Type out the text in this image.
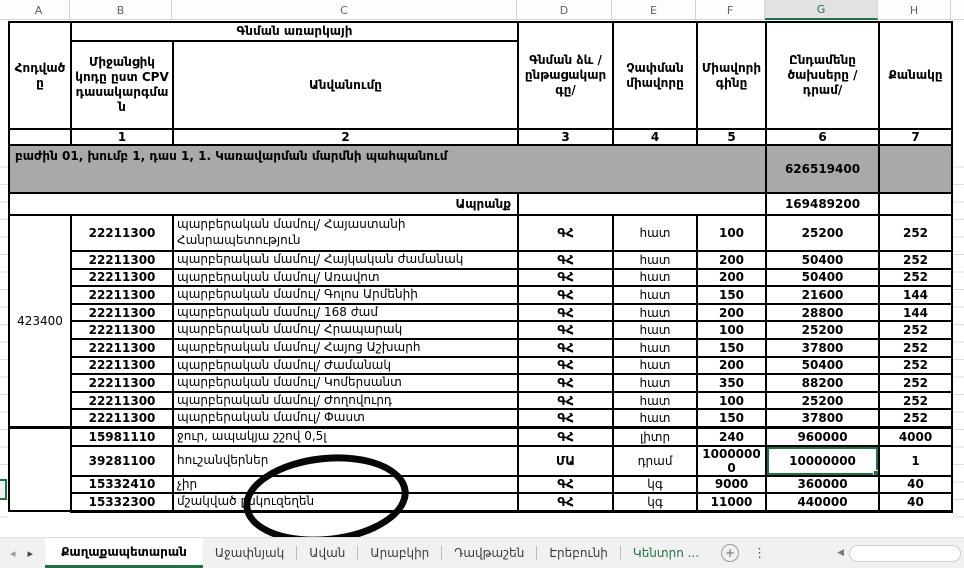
A	B	C	D	E	F	G	H
Հոդվածը	Գնման առարկայի		Գնման ձև /ընթացակարգը/	Չափման միավորը	Միավորի գինը	Ընդամենը ծախսերը /դրամ/	Քանակը
	Միջանցիկ կոդը ըստ CPV դասակարգման	Անվանումը					
	1	2	3	4	5	6	7
բաժին 01, խումբ 1, դաս 1, 1. Կառավարման մարմնի պահպանում						626519400	
Ապրանք						169489200	
423400	22211300	պարբերական մամուլ/ Հայաստանի Հանրապետություն	ԳՀ	հատ	100	25200	252
	22211300	պարբերական մամուլ/ Հայկական ժամանակ	ԳՀ	հատ	200	50400	252
	22211300	պարբերական մամուլ/ Առավոտ	ԳՀ	հատ	200	50400	252
	22211300	պարբերական մամուլ/ Գոլոս Արմենիի	ԳՀ	հատ	150	21600	144
	22211300	պարբերական մամուլ/ 168 ժամ	ԳՀ	հատ	200	28800	144
	22211300	պարբերական մամուլ/ Հրապարակ	ԳՀ	հատ	100	25200	252
	22211300	պարբերական մամուլ/ Հայոց Աշխարհ	ԳՀ	հատ	150	37800	252
	22211300	պարբերական մամուլ/ Ժամանակ	ԳՀ	հատ	200	50400	252
	22211300	պարբերական մամուլ/ Կոմերսանտ	ԳՀ	հատ	350	88200	252
	22211300	պարբերական մամուլ/ Ժողովուրդ	ԳՀ	հատ	100	25200	252
	22211300	պարբերական մամուլ/ Փաստ	ԳՀ	հատ	150	37800	252
	15981110	ջուր, ապակյա շշով 0,5լ	ԳՀ	լիտր	240	960000	4000
	39281100	հուշանվերներ	ՄԱ	դրամ	10000000	10000000	1
	15332410	չիր	ԳՀ	կգ	9000	360000	40
	15332300	մշակված ընկուզեղեն	ԳՀ	կգ	11000	440000	40
◂ ▸ Քաղաքապետարան Աջափնյակ Ավան Արաբկիր Դավթաշեն Էրեբունի Կենտրո ... + ⋮	◀
